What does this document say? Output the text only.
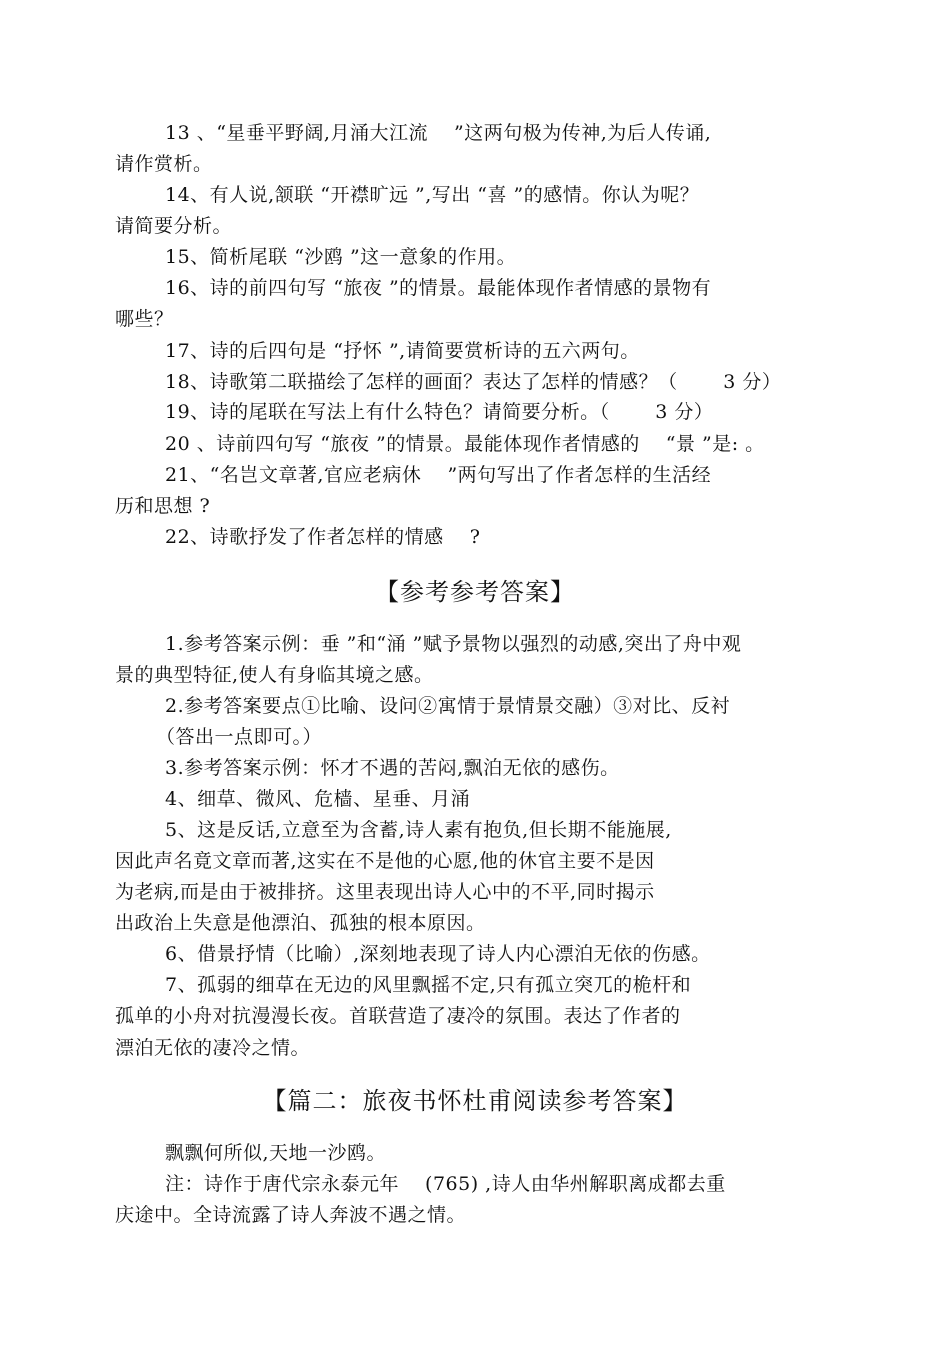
13 、“星垂平野阔,月涌大江流 　”这两句极为传神,为后人传诵,
请作赏析。
14、有人说,颔联 “开襟旷远 ”,写出 “喜 ”的感情。你认为呢？
请简要分析。
15、简析尾联 “沙鸥 ”这一意象的作用。
16、诗的前四句写 “旅夜 ”的情景。最能体现作者情感的景物有
哪些？
17、诗的后四句是 “抒怀 ”,请简要赏析诗的五六两句。
18、诗歌第二联描绘了怎样的画面？表达了怎样的情感？（ 　　3 分）
19、诗的尾联在写法上有什么特色？请简要分析。（ 　　3 分）
20 、诗前四句写 “旅夜 ”的情景。最能体现作者情感的 　“景 ”是: 。
21、“名岂文章著,官应老病休 　”两句写出了作者怎样的生活经
历和思想 ?
22、诗歌抒发了作者怎样的情感 　?
【参考参考答案】
1.参考答案示例：垂 ”和“涌 ”赋予景物以强烈的动感,突出了舟中观
景的典型特征,使人有身临其境之感。
2.参考答案要点①比喻、设问②寓情于景情景交融）③对比、反衬
（答出一点即可。）
3.参考答案示例：怀才不遇的苦闷,飘泊无依的感伤。
4、细草、微风、危樯、星垂、月涌
5、这是反话,立意至为含蓄,诗人素有抱负,但长期不能施展,
因此声名竟文章而著,这实在不是他的心愿,他的休官主要不是因
为老病,而是由于被排挤。这里表现出诗人心中的不平,同时揭示
出政治上失意是他漂泊、孤独的根本原因。
6、借景抒情（比喻）,深刻地表现了诗人内心漂泊无依的伤感。
7、孤弱的细草在无边的风里飘摇不定,只有孤立突兀的桅杆和
孤单的小舟对抗漫漫长夜。首联营造了凄冷的氛围。表达了作者的
漂泊无依的凄冷之情。
【篇二：旅夜书怀杜甫阅读参考答案】
飘飘何所似,天地一沙鸥。
注：诗作于唐代宗永泰元年 　(765) ,诗人由华州解职离成都去重
庆途中。全诗流露了诗人奔波不遇之情。
